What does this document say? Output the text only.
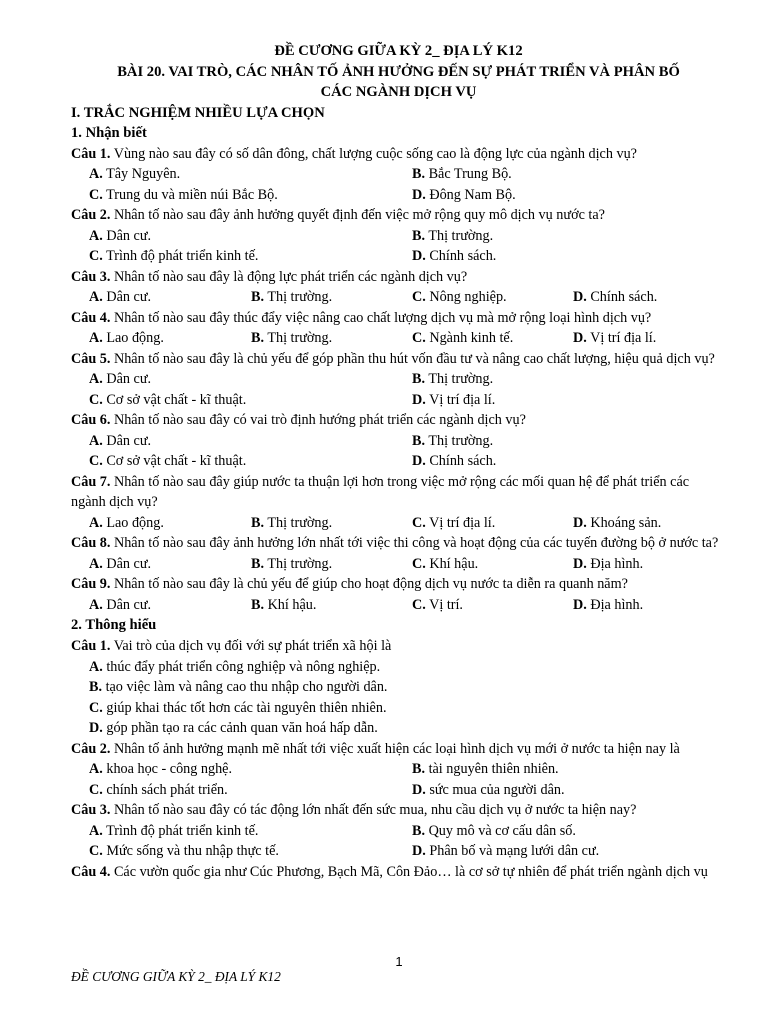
ĐỀ CƯƠNG GIỮA KỲ 2_ ĐỊA LÝ K12
BÀI 20. VAI TRÒ, CÁC NHÂN TỐ ẢNH HƯỞNG ĐẾN SỰ PHÁT TRIỂN VÀ PHÂN BỐ
CÁC NGÀNH DỊCH VỤ
I. TRẮC NGHIỆM NHIỀU LỰA CHỌN
1. Nhận biết
Câu 1. Vùng nào sau đây có số dân đông, chất lượng cuộc sống cao là động lực của ngành dịch vụ?
A. Tây Nguyên.	B. Bắc Trung Bộ.
C. Trung du và miền núi Bắc Bộ.	D. Đông Nam Bộ.
Câu 2. Nhân tố nào sau đây ảnh hưởng quyết định đến việc mở rộng quy mô dịch vụ nước ta?
A. Dân cư.	B. Thị trường.
C. Trình độ phát triển kinh tế.	D. Chính sách.
Câu 3. Nhân tố nào sau đây là động lực phát triển các ngành dịch vụ?
A. Dân cư.	B. Thị trường.	C. Nông nghiệp.	D. Chính sách.
Câu 4. Nhân tố nào sau đây thúc đẩy việc nâng cao chất lượng dịch vụ mà mở rộng loại hình dịch vụ?
A. Lao động.	B. Thị trường.	C. Ngành kinh tế.	D. Vị trí địa lí.
Câu 5. Nhân tố nào sau đây là chủ yếu để góp phần thu hút vốn đầu tư và nâng cao chất lượng, hiệu quả dịch vụ?
A. Dân cư.	B. Thị trường.
C. Cơ sở vật chất - kĩ thuật.	D. Vị trí địa lí.
Câu 6. Nhân tố nào sau đây có vai trò định hướng phát triển các ngành dịch vụ?
A. Dân cư.	B. Thị trường.
C. Cơ sở vật chất - kĩ thuật.	D. Chính sách.
Câu 7. Nhân tố nào sau đây giúp nước ta thuận lợi hơn trong việc mở rộng các mối quan hệ để phát triển các ngành dịch vụ?
A. Lao động.	B. Thị trường.	C. Vị trí địa lí.	D. Khoáng sản.
Câu 8. Nhân tố nào sau đây ảnh hưởng lớn nhất tới việc thi công và hoạt động của các tuyến đường bộ ở nước ta?
A. Dân cư.	B. Thị trường.	C. Khí hậu.	D. Địa hình.
Câu 9. Nhân tố nào sau đây là chủ yếu để giúp cho hoạt động dịch vụ nước ta diễn ra quanh năm?
A. Dân cư.	B. Khí hậu.	C. Vị trí.	D. Địa hình.
2. Thông hiểu
Câu 1. Vai trò của dịch vụ đối với sự phát triển xã hội là
A. thúc đẩy phát triển công nghiệp và nông nghiệp.
B. tạo việc làm và nâng cao thu nhập cho người dân.
C. giúp khai thác tốt hơn các tài nguyên thiên nhiên.
D. góp phần tạo ra các cảnh quan văn hoá hấp dẫn.
Câu 2. Nhân tố ảnh hưởng mạnh mẽ nhất tới việc xuất hiện các loại hình dịch vụ mới ở nước ta hiện nay là
A. khoa học - công nghệ.	B. tài nguyên thiên nhiên.
C. chính sách phát triển.	D. sức mua của người dân.
Câu 3. Nhân tố nào sau đây có tác động lớn nhất đến sức mua, nhu cầu dịch vụ ở nước ta hiện nay?
A. Trình độ phát triển kinh tế.	B. Quy mô và cơ cấu dân số.
C. Mức sống và thu nhập thực tế.	D. Phân bố và mạng lưới dân cư.
Câu 4. Các vườn quốc gia như Cúc Phương, Bạch Mã, Côn Đảo… là cơ sở tự nhiên để phát triển ngành dịch vụ
1
ĐỀ CƯƠNG GIỮA KỲ 2_ ĐỊA LÝ K12
